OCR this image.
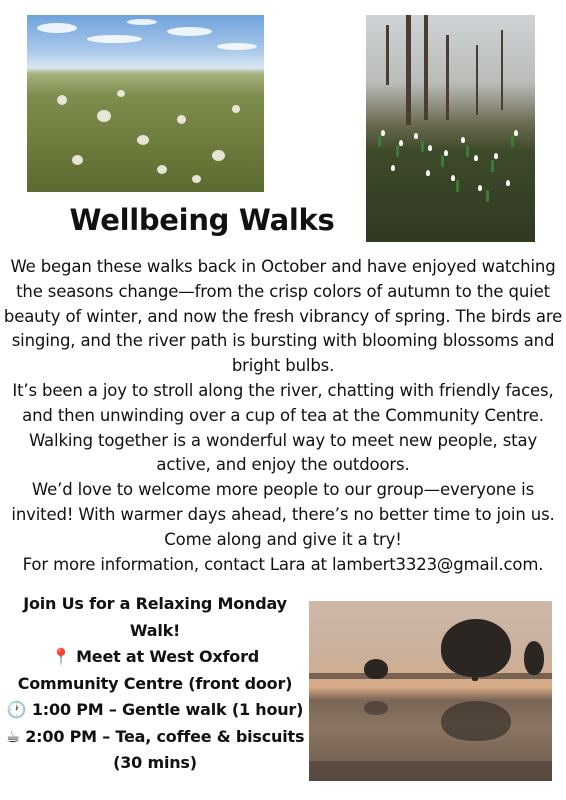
Wellbeing Walks

We began these walks back in October and have enjoyed watching the seasons change—from the crisp colors of autumn to the quiet beauty of winter, and now the fresh vibrancy of spring. The birds are singing, and the river path is bursting with blooming blossoms and bright bulbs.

It’s been a joy to stroll along the river, chatting with friendly faces, and then unwinding over a cup of tea at the Community Centre. Walking together is a wonderful way to meet new people, stay active, and enjoy the outdoors.

We’d love to welcome more people to our group—everyone is invited! With warmer days ahead, there’s no better time to join us. Come along and give it a try!

For more information, contact Lara at lambert3323@gmail.com.

Join Us for a Relaxing Monday Walk!

📍 Meet at West Oxford Community Centre (front door)

🕐 1:00 PM – Gentle walk (1 hour)

☕ 2:00 PM – Tea, coffee & biscuits (30 mins)
